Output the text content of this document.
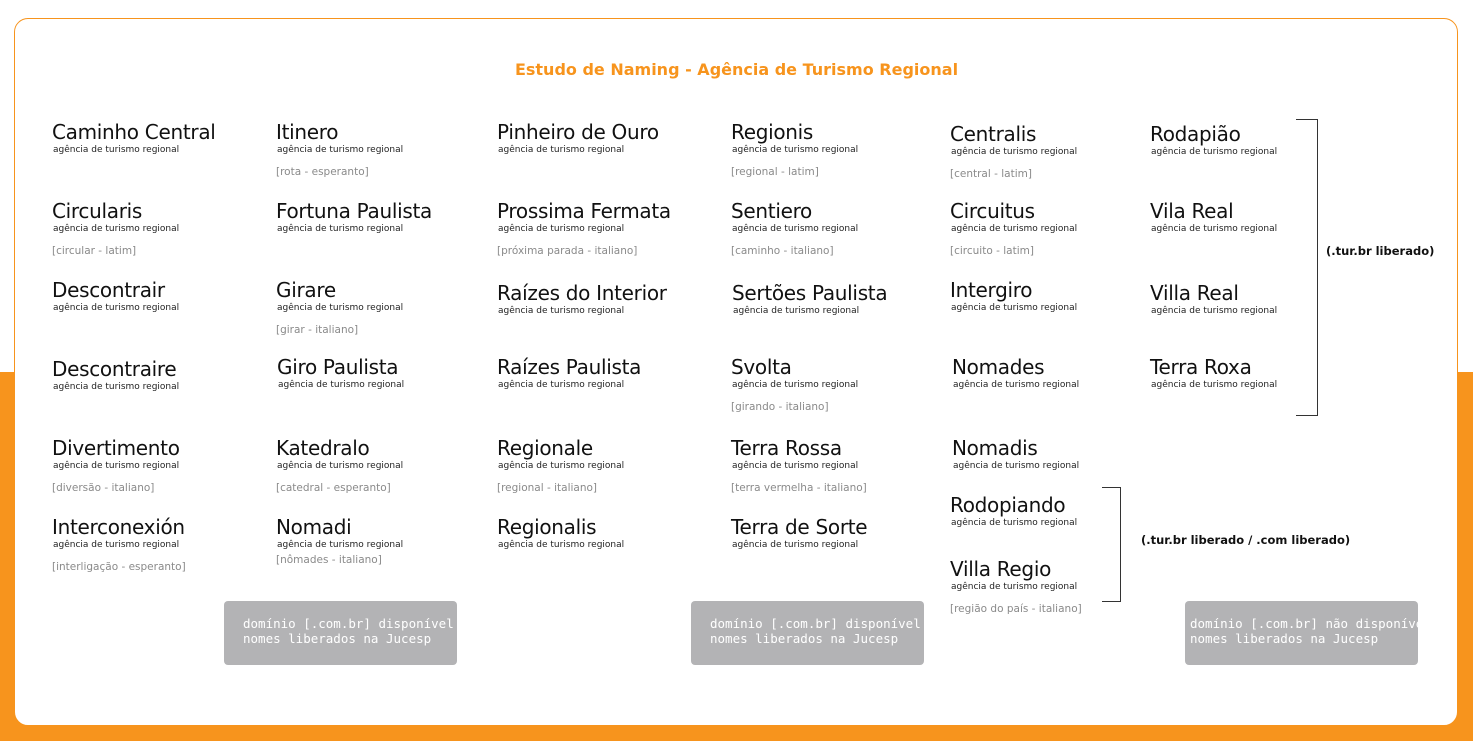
Estudo de Naming - Agência de Turismo Regional
Caminho Central
agência de turismo regional
Circularis
agência de turismo regional
[circular - latim]
Descontrair
agência de turismo regional
Descontraire
agência de turismo regional
Divertimento
agência de turismo regional
[diversão - italiano]
Interconexión
agência de turismo regional
[interligação - esperanto]
Itinero
agência de turismo regional
[rota - esperanto]
Fortuna Paulista
agência de turismo regional
Girare
agência de turismo regional
[girar - italiano]
Giro Paulista
agência de turismo regional
Katedralo
agência de turismo regional
[catedral - esperanto]
Nomadi
agência de turismo regional
[nômades - italiano]
Pinheiro de Ouro
agência de turismo regional
Prossima Fermata
agência de turismo regional
[próxima parada - italiano]
Raízes do Interior
agência de turismo regional
Raízes Paulista
agência de turismo regional
Regionale
agência de turismo regional
[regional - italiano]
Regionalis
agência de turismo regional
Regionis
agência de turismo regional
[regional - latim]
Sentiero
agência de turismo regional
[caminho - italiano]
Sertões Paulista
agência de turismo regional
Svolta
agência de turismo regional
[girando - italiano]
Terra Rossa
agência de turismo regional
[terra vermelha - italiano]
Terra de Sorte
agência de turismo regional
Centralis
agência de turismo regional
[central - latim]
Circuitus
agência de turismo regional
[circuito - latim]
Intergiro
agência de turismo regional
Nomades
agência de turismo regional
Nomadis
agência de turismo regional
Rodopiando
agência de turismo regional
Villa Regio
agência de turismo regional
[região do país - italiano]
Rodapião
agência de turismo regional
Vila Real
agência de turismo regional
Villa Real
agência de turismo regional
Terra Roxa
agência de turismo regional
(.tur.br liberado)
(.tur.br liberado / .com liberado)
domínio [.com.br] disponível
nomes liberados na Jucesp
domínio [.com.br] disponível
nomes liberados na Jucesp
domínio [.com.br] não disponível
nomes liberados na Jucesp
